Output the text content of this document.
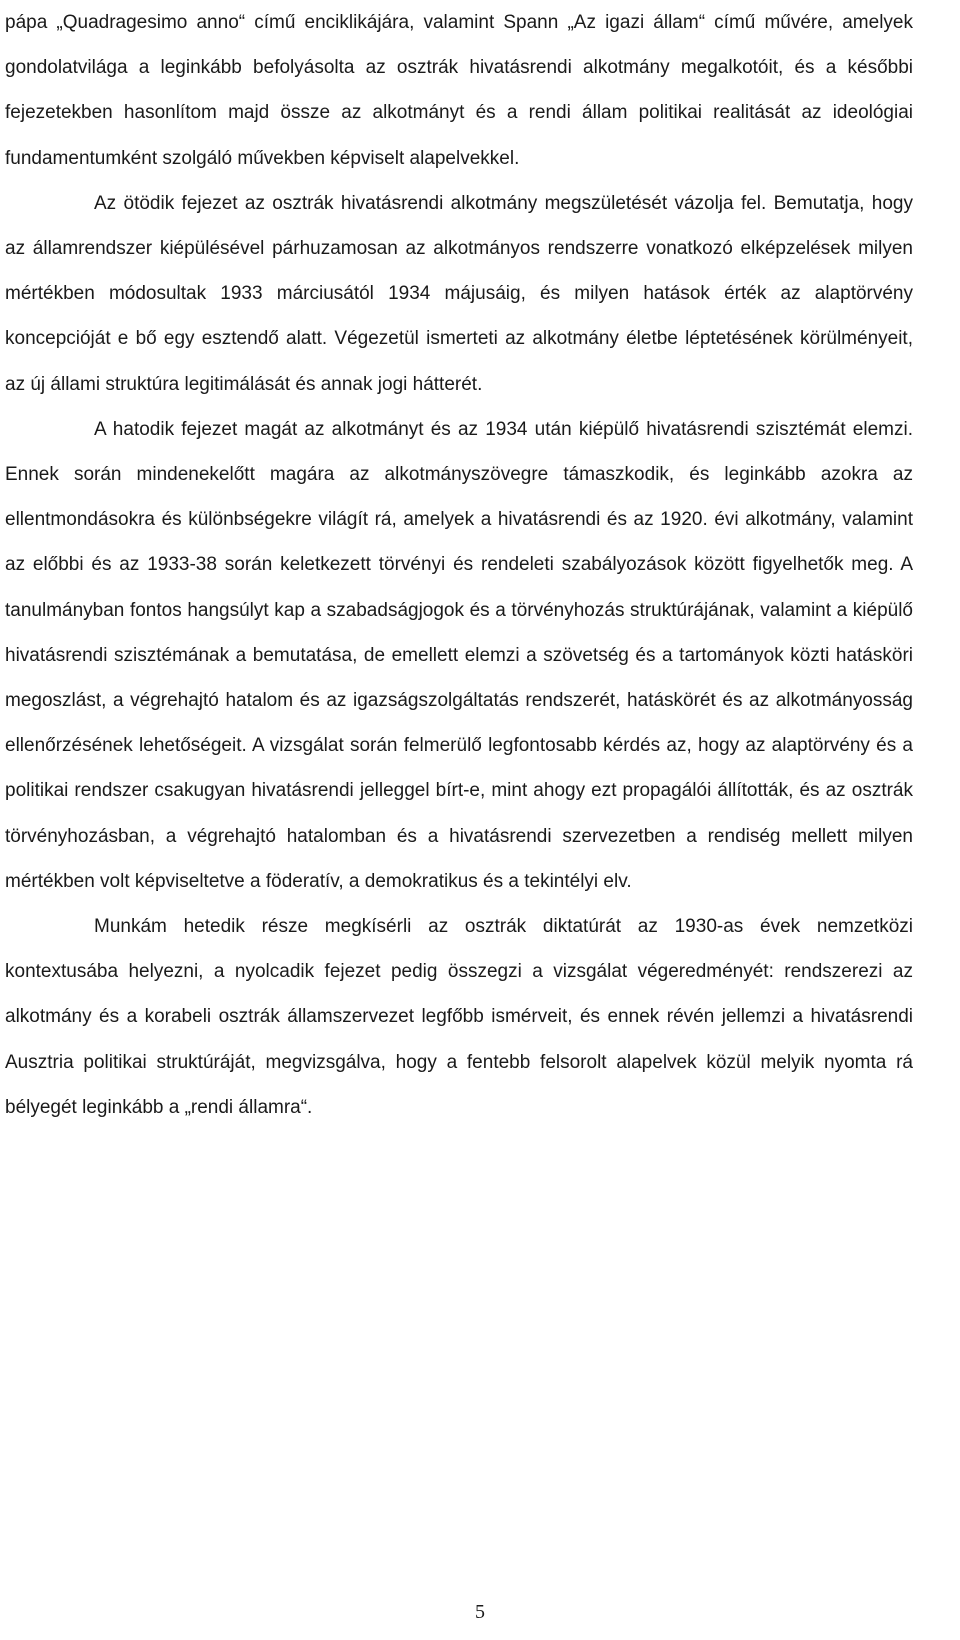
pápa „Quadragesimo anno“ című enciklikájára, valamint Spann „Az igazi állam“ című művére, amelyek gondolatvilága a leginkább befolyásolta az osztrák hivatásrendi alkotmány megalkotóit, és a későbbi fejezetekben hasonlítom majd össze az alkotmányt és a rendi állam politikai realitását az ideológiai fundamentumként szolgáló művekben képviselt alapelvekkel.

Az ötödik fejezet az osztrák hivatásrendi alkotmány megszületését vázolja fel. Bemutatja, hogy az államrendszer kiépülésével párhuzamosan az alkotmányos rendszerre vonatkozó elképzelések milyen mértékben módosultak 1933 márciusától 1934 májusáig, és milyen hatások érték az alaptörvény koncepcióját e bő egy esztendő alatt. Végezetül ismerteti az alkotmány életbe léptetésének körülményeit, az új állami struktúra legitimálását és annak jogi hátterét.

A hatodik fejezet magát az alkotmányt és az 1934 után kiépülő hivatásrendi szisztémát elemzi. Ennek során mindenekelőtt magára az alkotmányszövegre támaszkodik, és leginkább azokra az ellentmondásokra és különbségekre világít rá, amelyek a hivatásrendi és az 1920. évi alkotmány, valamint az előbbi és az 1933-38 során keletkezett törvényi és rendeleti szabályozások között figyelhetők meg. A tanulmányban fontos hangsúlyt kap a szabadságjogok és a törvényhozás struktúrájának, valamint a kiépülő hivatásrendi szisztémának a bemutatása, de emellett elemzi a szövetség és a tartományok közti hatásköri megoszlást, a végrehajtó hatalom és az igazságszolgáltatás rendszerét, hatáskörét és az alkotmányosság ellenőrzésének lehetőségeit. A vizsgálat során felmerülő legfontosabb kérdés az, hogy az alaptörvény és a politikai rendszer csakugyan hivatásrendi jelleggel bírt-e, mint ahogy ezt propagálói állították, és az osztrák törvényhozásban, a végrehajtó hatalomban és a hivatásrendi szervezetben a rendiség mellett milyen mértékben volt képviseltetve a föderatív, a demokratikus és a tekintélyi elv.

Munkám hetedik része megkísérli az osztrák diktatúrát az 1930-as évek nemzetközi kontextusába helyezni, a nyolcadik fejezet pedig összegzi a vizsgálat végeredményét: rendszerezi az alkotmány és a korabeli osztrák államszervezet legfőbb ismérveit, és ennek révén jellemzi a hivatásrendi Ausztria politikai struktúráját, megvizsgálva, hogy a fentebb felsorolt alapelvek közül melyik nyomta rá bélyegét leginkább a „rendi államra“.

5
